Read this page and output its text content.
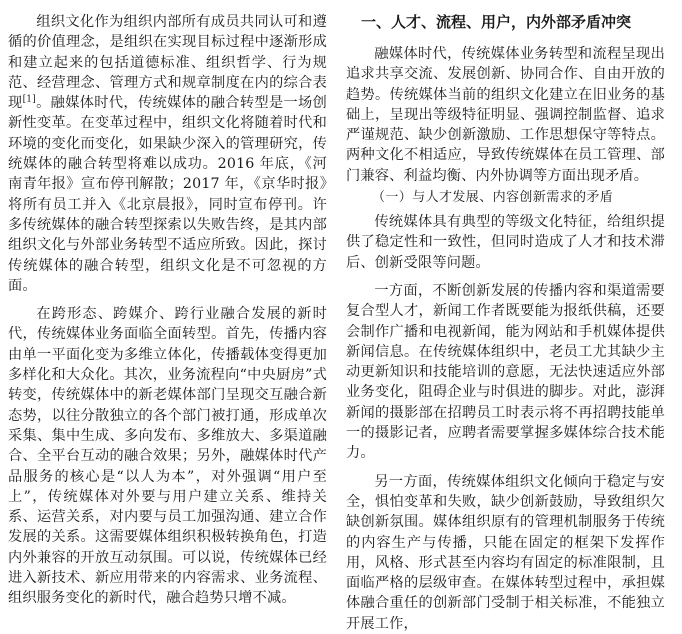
组织文化作为组织内部所有成员共同认可和遵循的价值理念，是组织在实现目标过程中逐渐形成和建立起来的包括道德标准、组织哲学、行为规范、经营理念、管理方式和规章制度在内的综合表现[1]。融媒体时代，传统媒体的融合转型是一场创新性变革。在变革过程中，组织文化将随着时代和环境的变化而变化，如果缺少深入的管理研究，传统媒体的融合转型将难以成功。2016 年底，《河南青年报》宣布停刊解散；2017 年，《京华时报》将所有员工并入《北京晨报》，同时宣布停刊。许多传统媒体的融合转型探索以失败告终，是其内部组织文化与外部业务转型不适应所致。因此，探讨传统媒体的融合转型，组织文化是不可忽视的方面。

在跨形态、跨媒介、跨行业融合发展的新时代，传统媒体业务面临全面转型。首先，传播内容由单一平面化变为多维立体化，传播载体变得更加多样化和大众化。其次，业务流程向“中央厨房”式转变，传统媒体中的新老媒体部门呈现交互融合新态势，以往分散独立的各个部门被打通，形成单次采集、集中生成、多向发布、多维放大、多渠道融合、全平台互动的融合效果；另外，融媒体时代产品服务的核心是“以人为本”，对外强调“用户至上”，传统媒体对外要与用户建立关系、维持关系、运营关系，对内要与员工加强沟通、建立合作发展的关系。这需要媒体组织积极转换角色，打造内外兼容的开放互动氛围。可以说，传统媒体已经进入新技术、新应用带来的内容需求、业务流程、组织服务变化的新时代，融合趋势只增不减。

一、人才、流程、用户，内外部矛盾冲突

融媒体时代，传统媒体业务转型和流程呈现出追求共享交流、发展创新、协同合作、自由开放的趋势。传统媒体当前的组织文化建立在旧业务的基础上，呈现出等级特征明显、强调控制监督、追求严谨规范、缺少创新激励、工作思想保守等特点。两种文化不相适应，导致传统媒体在员工管理、部门兼容、利益均衡、内外协调等方面出现矛盾。

（一）与人才发展、内容创新需求的矛盾

传统媒体具有典型的等级文化特征，给组织提供了稳定性和一致性，但同时造成了人才和技术滞后、创新受限等问题。

一方面，不断创新发展的传播内容和渠道需要复合型人才，新闻工作者既要能为报纸供稿，还要会制作广播和电视新闻，能为网站和手机媒体提供新闻信息。在传统媒体组织中，老员工尤其缺少主动更新知识和技能培训的意愿，无法快速适应外部业务变化，阻碍企业与时俱进的脚步。对此，澎湃新闻的摄影部在招聘员工时表示将不再招聘技能单一的摄影记者，应聘者需要掌握多媒体综合技术能力。

另一方面，传统媒体组织文化倾向于稳定与安全，惧怕变革和失败，缺少创新鼓励，导致组织欠缺创新氛围。媒体组织原有的管理机制服务于传统的内容生产与传播，只能在固定的框架下发挥作用，风格、形式甚至内容均有固定的标准限制，且面临严格的层级审查。在媒体转型过程中，承担媒体融合重任的创新部门受制于相关标准，不能独立开展工作，
